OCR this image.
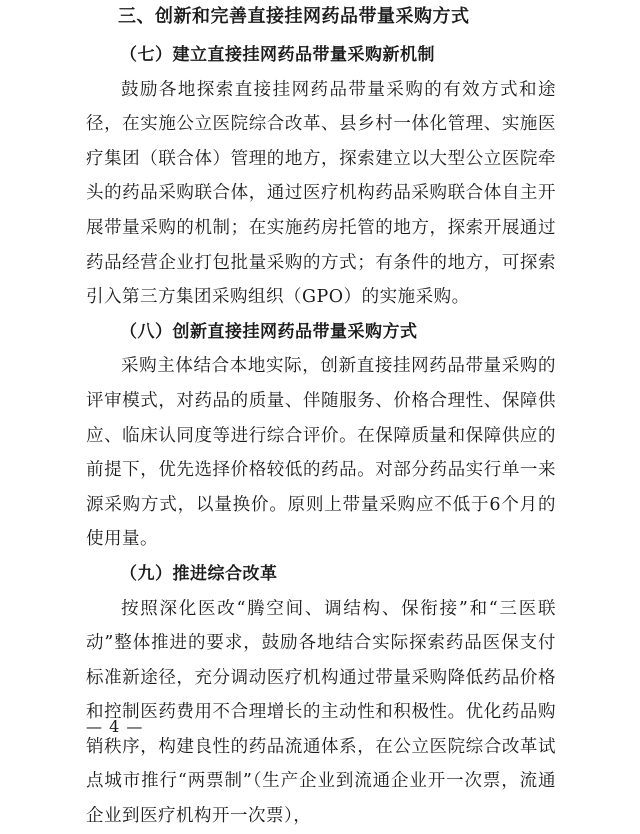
三、创新和完善直接挂网药品带量采购方式

（七）建立直接挂网药品带量采购新机制

鼓励各地探索直接挂网药品带量采购的有效方式和途径，在实施公立医院综合改革、县乡村一体化管理、实施医疗集团（联合体）管理的地方，探索建立以大型公立医院牵头的药品采购联合体，通过医疗机构药品采购联合体自主开展带量采购的机制；在实施药房托管的地方，探索开展通过药品经营企业打包批量采购的方式；有条件的地方，可探索引入第三方集团采购组织（GPO）的实施采购。

（八）创新直接挂网药品带量采购方式

采购主体结合本地实际，创新直接挂网药品带量采购的评审模式，对药品的质量、伴随服务、价格合理性、保障供应、临床认同度等进行综合评价。在保障质量和保障供应的前提下，优先选择价格较低的药品。对部分药品实行单一来源采购方式，以量换价。原则上带量采购应不低于6个月的使用量。

（九）推进综合改革

按照深化医改“腾空间、调结构、保衔接”和“三医联动”整体推进的要求，鼓励各地结合实际探索药品医保支付标准新途径，充分调动医疗机构通过带量采购降低药品价格和控制医药费用不合理增长的主动性和积极性。优化药品购销秩序，构建良性的药品流通体系，在公立医院综合改革试点城市推行“两票制”（生产企业到流通企业开一次票，流通企业到医疗机构开一次票），

— 4 —
